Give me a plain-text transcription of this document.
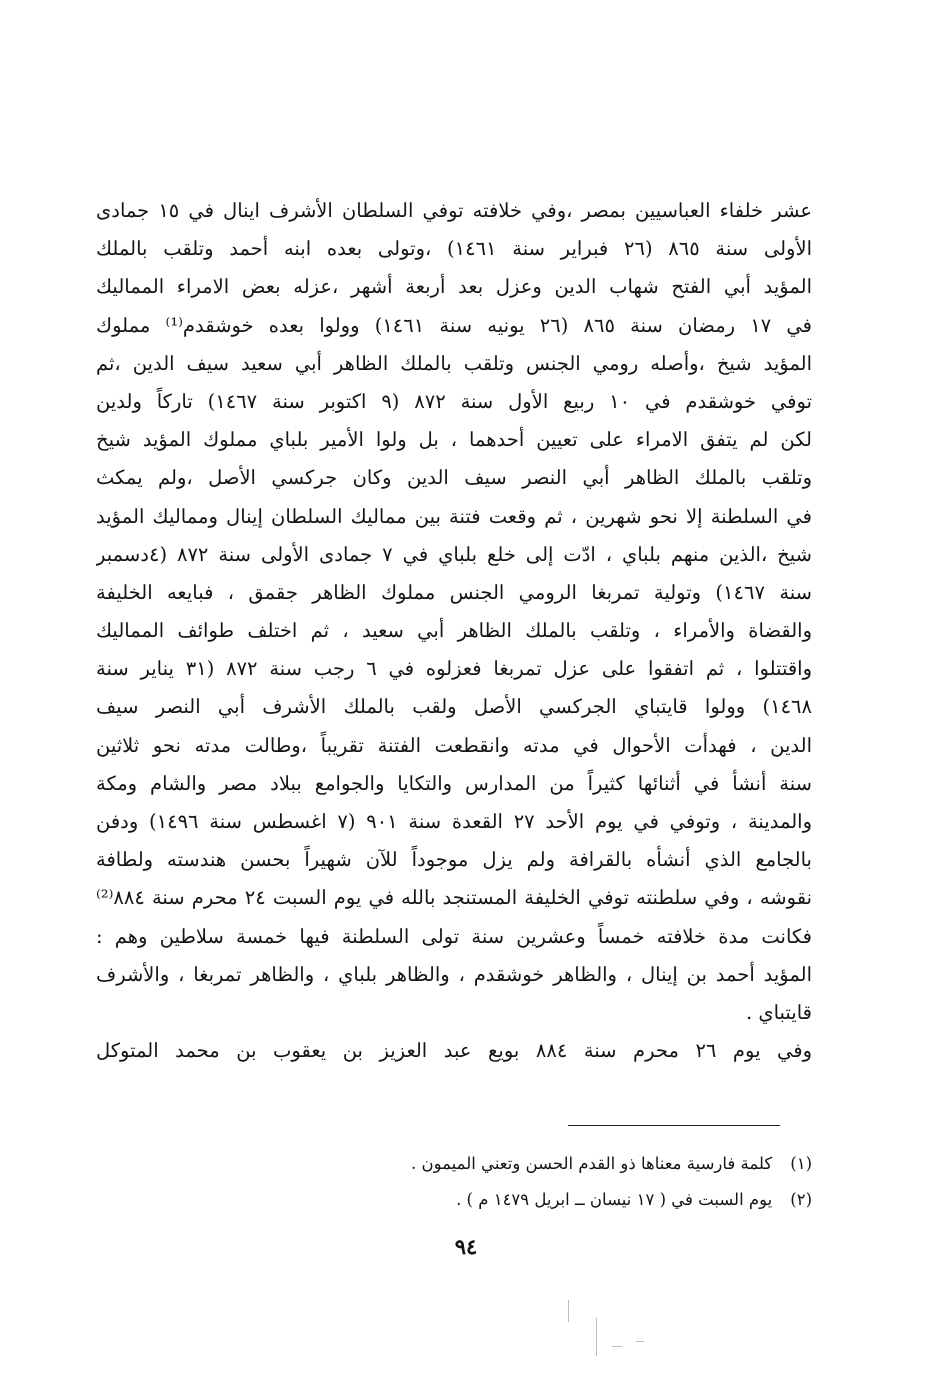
عشر خلفاء العباسيين بمصر ،وفي خلافته توفي السلطان الأشرف اينال في ١٥ جمادى
الأولى سنة ٨٦٥ (٢٦ فبراير سنة ١٤٦١) ،وتولى بعده ابنه أحمد وتلقب بالملك
المؤيد أبي الفتح شهاب الدين وعزل بعد أربعة أشهر ،عزله بعض الامراء المماليك
في ١٧ رمضان سنة ٨٦٥ (٢٦ يونيه سنة ١٤٦١) وولوا بعده خوشقدم⁽¹⁾ مملوك
المؤيد شيخ ،وأصله رومي الجنس وتلقب بالملك الظاهر أبي سعيد سيف الدين ،ثم
توفي خوشقدم في ١٠ ربيع الأول سنة ٨٧٢ (٩ اكتوبر سنة ١٤٦٧) تاركاً ولدين
لكن لم يتفق الامراء على تعيين أحدهما ، بل ولوا الأمير بلباي مملوك المؤيد شيخ
وتلقب بالملك الظاهر أبي النصر سيف الدين وكان جركسي الأصل ،ولم يمكث
في السلطنة إلا نحو شهرين ، ثم وقعت فتنة بين مماليك السلطان إينال ومماليك المؤيد
شيخ ،الذين منهم بلباي ، ادّت إلى خلع بلباي في ٧ جمادى الأولى سنة ٨٧٢ (٤دسمبر
سنة ١٤٦٧) وتولية تمربغا الرومي الجنس مملوك الظاهر جقمق ، فبايعه الخليفة
والقضاة والأمراء ، وتلقب بالملك الظاهر أبي سعيد ، ثم اختلف طوائف المماليك
واقتتلوا ، ثم اتفقوا على عزل تمربغا فعزلوه في ٦ رجب سنة ٨٧٢ (٣١ يناير سنة
١٤٦٨) وولوا قايتباي الجركسي الأصل ولقب بالملك الأشرف أبي النصر سيف
الدين ، فهدأت الأحوال في مدته وانقطعت الفتنة تقريباً ،وطالت مدته نحو ثلاثين
سنة أنشأ في أثنائها كثيراً من المدارس والتكايا والجوامع ببلاد مصر والشام ومكة
والمدينة ، وتوفي في يوم الأحد ٢٧ القعدة سنة ٩٠١ (٧ اغسطس سنة ١٤٩٦) ودفن
بالجامع الذي أنشأه بالقرافة ولم يزل موجوداً للآن شهيراً بحسن هندسته ولطافة
نقوشه ، وفي سلطنته توفي الخليفة المستنجد بالله في يوم السبت ٢٤ محرم سنة ٨٨٤⁽²⁾
فكانت مدة خلافته خمساً وعشرين سنة تولى السلطنة فيها خمسة سلاطين وهم :
المؤيد أحمد بن إينال ، والظاهر خوشقدم ، والظاهر بلباي ، والظاهر تمربغا ، والأشرف
قايتباي .
وفي يوم ٢٦ محرم سنة ٨٨٤ بويع عبد العزيز بن يعقوب بن محمد المتوكل
(١)كلمة فارسية معناها ذو القدم الحسن وتعني الميمون .
(٢)يوم السبت في ( ١٧ نيسان ــ ابريل ١٤٧٩ م ) .
٩٤
